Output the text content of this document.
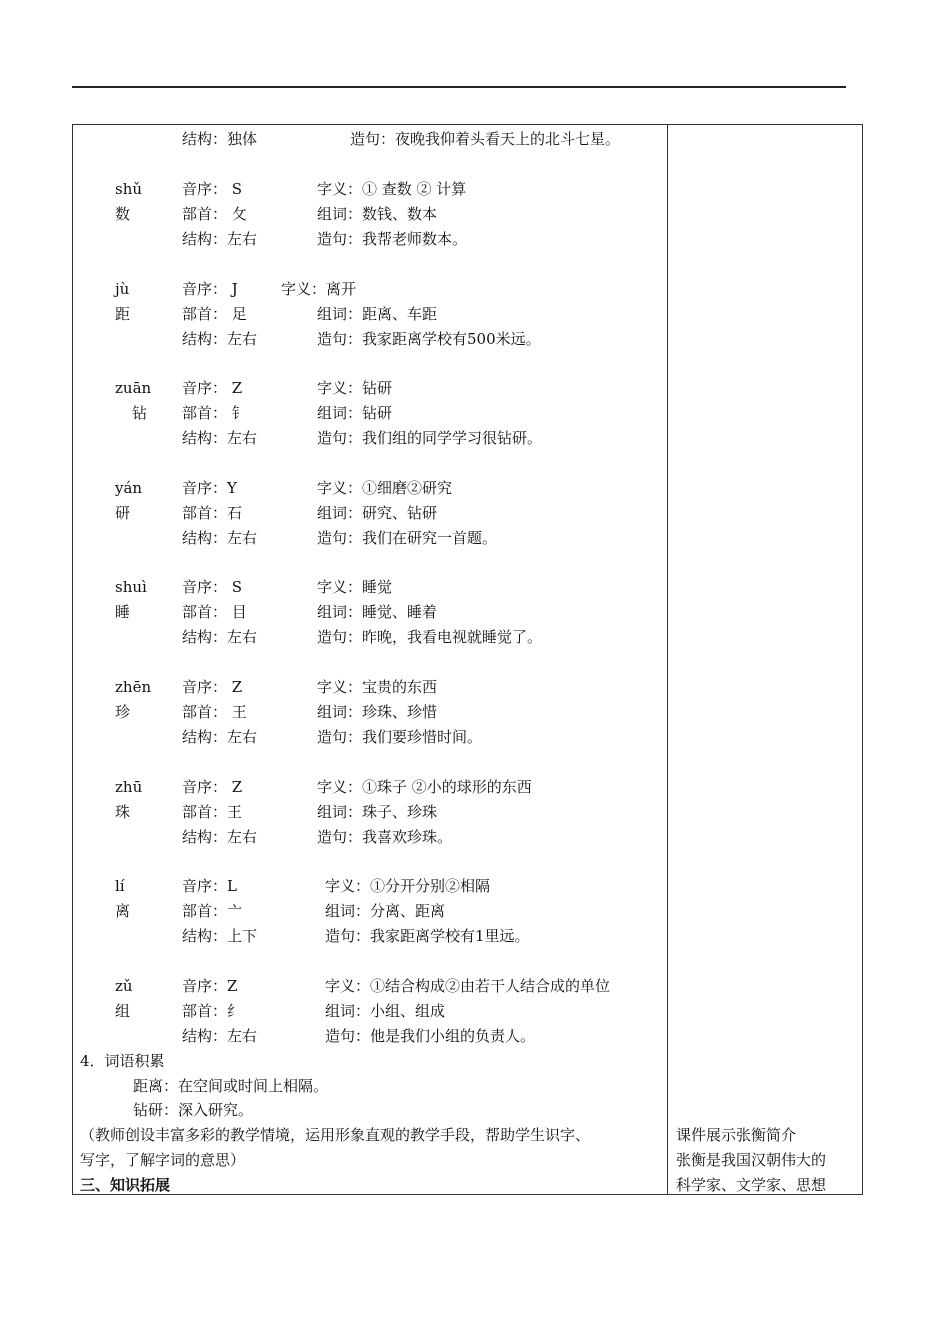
结构：独体	造句：夜晚我仰着头看天上的北斗七星。
shǔ
数
音序： S
部首： 攵
结构：左右
字义：① 查数 ② 计算
组词：数钱、数本
造句：我帮老师数本。
jù
距
音序： J
部首： 足
结构：左右
字义：离开
组词：距离、车距
造句：我家距离学校有500米远。
zuān
钻
音序： Z
部首： 钅
结构：左右
字义：钻研
组词：钻研
造句：我们组的同学学习很钻研。
yán
研
音序：Y
部首：石
结构：左右
字义：①细磨②研究
组词：研究、钻研
造句：我们在研究一首题。
shuì
睡
音序： S
部首： 目
结构：左右
字义：睡觉
组词：睡觉、睡着
造句：昨晚，我看电视就睡觉了。
zhēn
珍
音序： Z
部首： 王
结构：左右
字义：宝贵的东西
组词：珍珠、珍惜
造句：我们要珍惜时间。
zhū
珠
音序： Z
部首：王
结构：左右
字义：①珠子 ②小的球形的东西
组词：珠子、珍珠
造句：我喜欢珍珠。
lí
离
音序：L
部首：亠
结构：上下
字义：①分开分别②相隔
组词：分离、距离
造句：我家距离学校有1里远。
zǔ
组
音序：Z
部首：纟
结构：左右
字义：①结合构成②由若干人结合成的单位
组词：小组、组成
造句：他是我们小组的负责人。
4．词语积累
距离：在空间或时间上相隔。
钻研：深入研究。
（教师创设丰富多彩的教学情境，运用形象直观的教学手段，帮助学生识字、
写字，了解字词的意思）
三、知识拓展
课件展示张衡简介
张衡是我国汉朝伟大的
科学家、文学家、思想
